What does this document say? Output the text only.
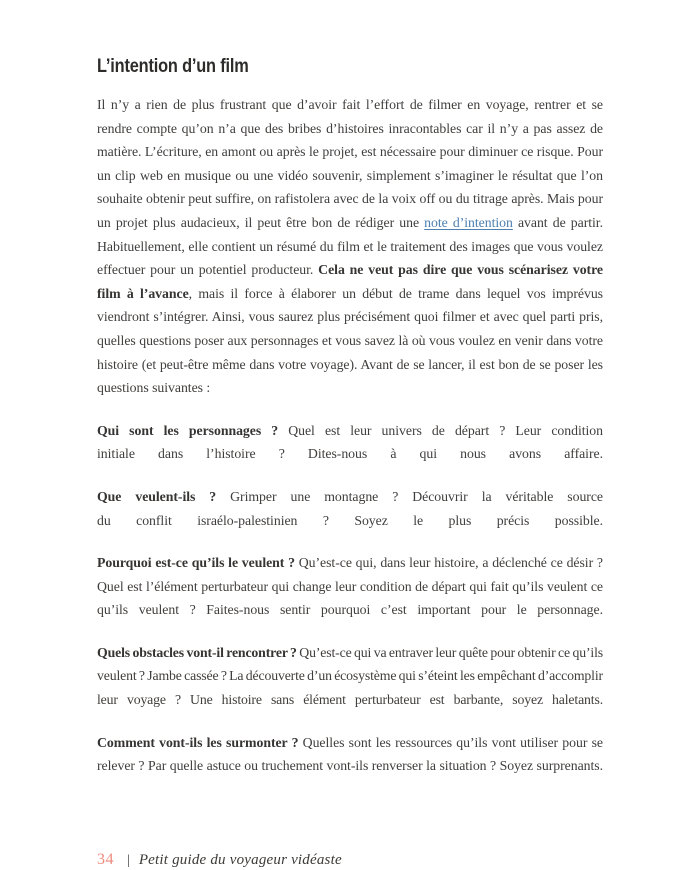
L’intention d’un film
Il n’y a rien de plus frustrant que d’avoir fait l’effort de filmer en voyage, rentrer et se rendre compte qu’on n’a que des bribes d’histoires inracontables car il n’y a pas assez de matière. L’écriture, en amont ou après le projet, est nécessaire pour diminuer ce risque. Pour un clip web en musique ou une vidéo souvenir, simplement s’imaginer le résultat que l’on souhaite obtenir peut suffire, on rafistolera avec de la voix off ou du titrage après. Mais pour un projet plus audacieux, il peut être bon de rédiger une note d’intention avant de partir. Habituellement, elle contient un résumé du film et le traitement des images que vous voulez effectuer pour un potentiel producteur. Cela ne veut pas dire que vous scénarisez votre film à l’avance, mais il force à élaborer un début de trame dans lequel vos imprévus viendront s’intégrer. Ainsi, vous saurez plus précisément quoi filmer et avec quel parti pris, quelles questions poser aux personnages et vous savez là où vous voulez en venir dans votre histoire (et peut-être même dans votre voyage). Avant de se lancer, il est bon de se poser les questions suivantes :
Qui sont les personnages ? Quel est leur univers de départ ? Leur condition initiale dans l’histoire ? Dites-nous à qui nous avons affaire.
Que veulent-ils ? Grimper une montagne ? Découvrir la véritable source du conflit israélo-palestinien ? Soyez le plus précis possible.
Pourquoi est-ce qu’ils le veulent ? Qu’est-ce qui, dans leur histoire, a déclenché ce désir ? Quel est l’élément perturbateur qui change leur condition de départ qui fait qu’ils veulent ce qu’ils veulent ? Faites-nous sentir pourquoi c’est important pour le personnage.
Quels obstacles vont-il rencontrer ? Qu’est-ce qui va entraver leur quête pour obtenir ce qu’ils veulent ? Jambe cassée ? La découverte d’un écosystème qui s’éteint les empêchant d’accomplir leur voyage ? Une histoire sans élément perturbateur est barbante, soyez haletants.
Comment vont-ils les surmonter ? Quelles sont les ressources qu’ils vont utiliser pour se relever ? Par quelle astuce ou truchement vont-ils renverser la situation ? Soyez surprenants.
34 | Petit guide du voyageur vidéaste
